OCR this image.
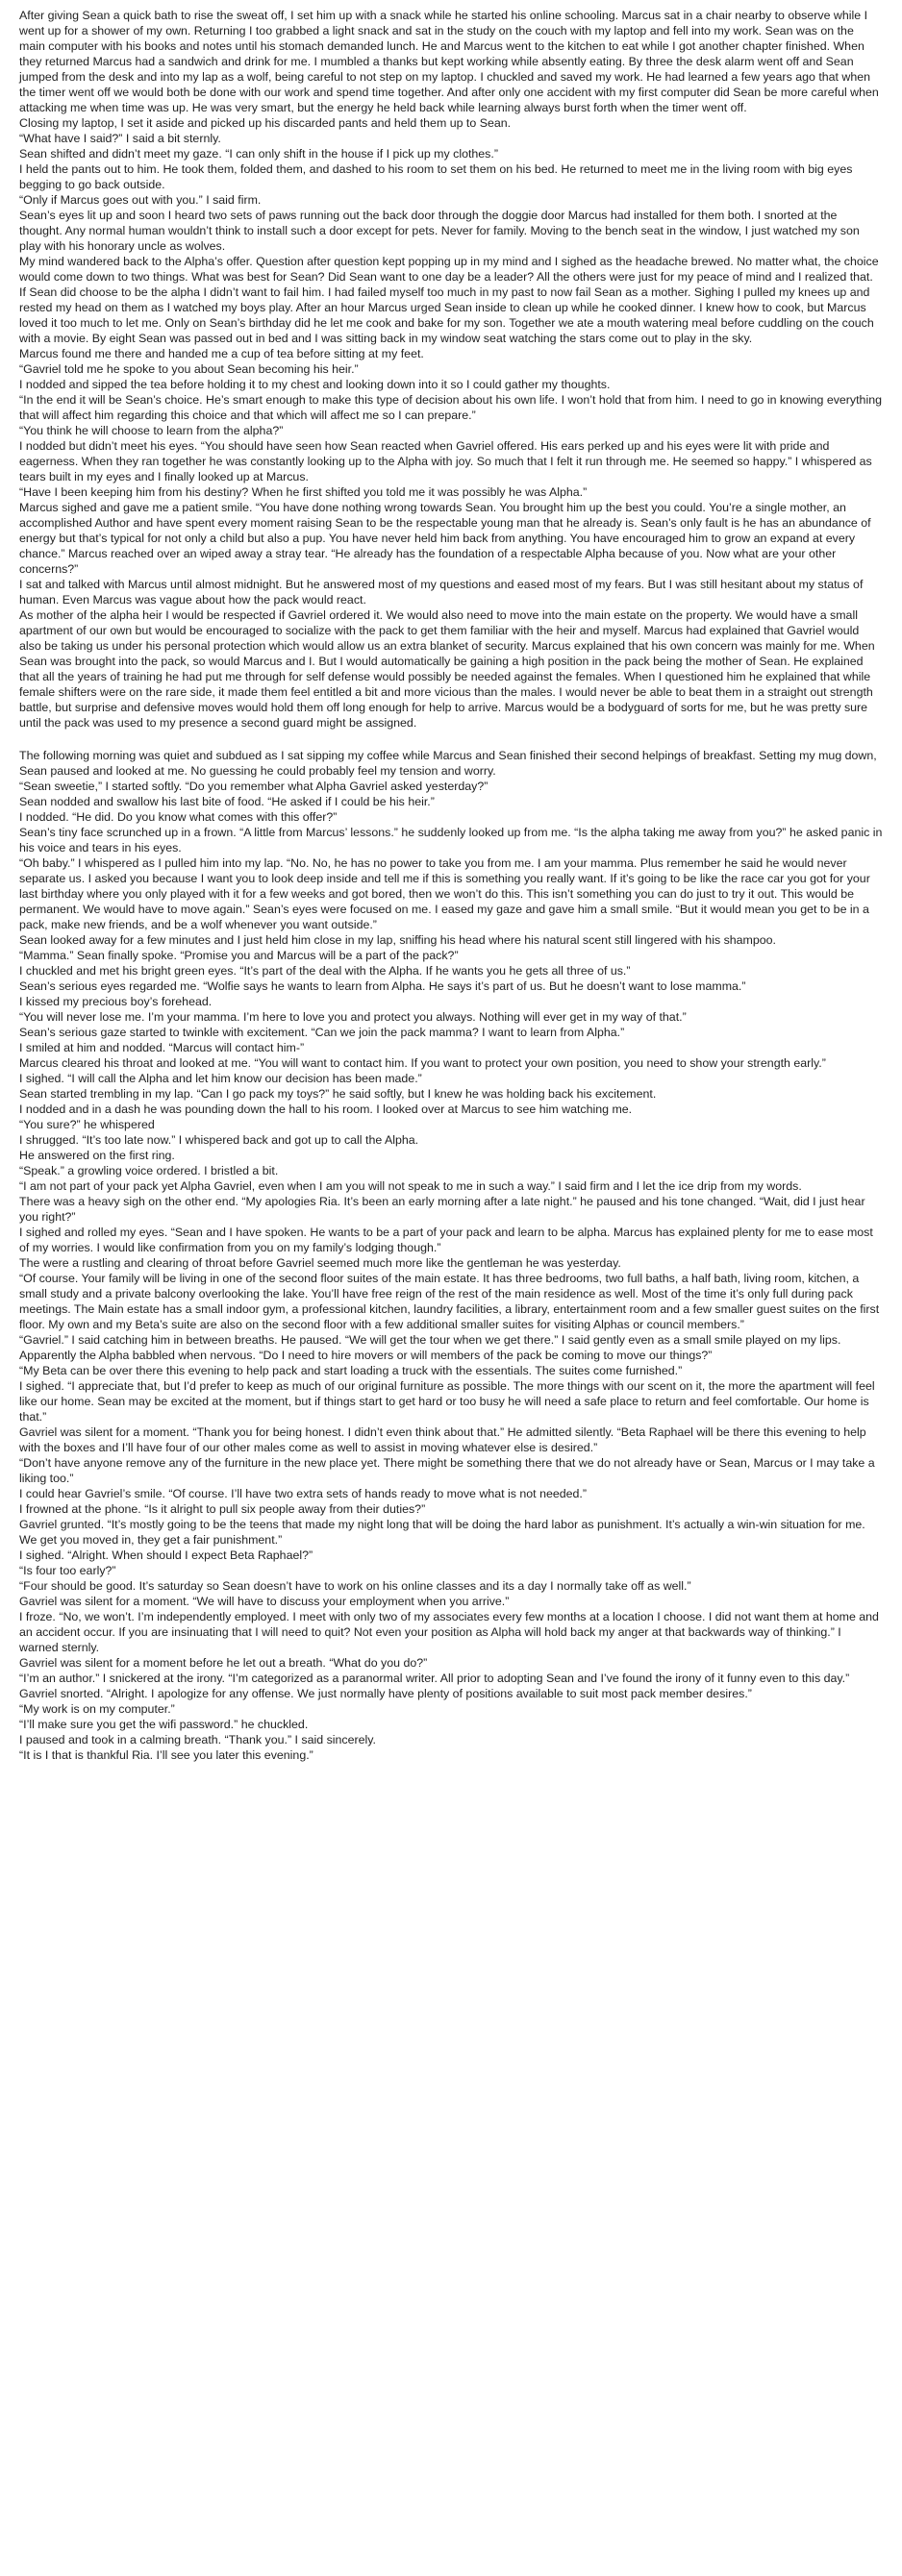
After giving Sean a quick bath to rise the sweat off, I set him up with a snack while he started his online schooling. Marcus sat in a chair nearby to observe while I went up for a shower of my own. Returning I too grabbed a light snack and sat in the study on the couch with my laptop and fell into my work. Sean was on the main computer with his books and notes until his stomach demanded lunch. He and Marcus went to the kitchen to eat while I got another chapter finished. When they returned Marcus had a sandwich and drink for me. I mumbled a thanks but kept working while absently eating. By three the desk alarm went off and Sean jumped from the desk and into my lap as a wolf, being careful to not step on my laptop. I chuckled and saved my work. He had learned a few years ago that when the timer went off we would both be done with our work and spend time together. And after only one accident with my first computer did Sean be more careful when attacking me when time was up. He was very smart, but the energy he held back while learning always burst forth when the timer went off.

Closing my laptop, I set it aside and picked up his discarded pants and held them up to Sean.

“What have I said?” I said a bit sternly.

Sean shifted and didn’t meet my gaze. “I can only shift in the house if I pick up my clothes.”

I held the pants out to him. He took them, folded them, and dashed to his room to set them on his bed. He returned to meet me in the living room with big eyes begging to go back outside.

“Only if Marcus goes out with you.” I said firm.

Sean’s eyes lit up and soon I heard two sets of paws running out the back door through the doggie door Marcus had installed for them both. I snorted at the thought. Any normal human wouldn’t think to install such a door except for pets. Never for family. Moving to the bench seat in the window, I just watched my son play with his honorary uncle as wolves.

My mind wandered back to the Alpha’s offer. Question after question kept popping up in my mind and I sighed as the headache brewed. No matter what, the choice would come down to two things. What was best for Sean? Did Sean want to one day be a leader? All the others were just for my peace of mind and I realized that. If Sean did choose to be the alpha I didn’t want to fail him. I had failed myself too much in my past to now fail Sean as a mother. Sighing I pulled my knees up and rested my head on them as I watched my boys play. After an hour Marcus urged Sean inside to clean up while he cooked dinner. I knew how to cook, but Marcus loved it too much to let me. Only on Sean’s birthday did he let me cook and bake for my son. Together we ate a mouth watering meal before cuddling on the couch with a movie. By eight Sean was passed out in bed and I was sitting back in my window seat watching the stars come out to play in the sky.

Marcus found me there and handed me a cup of tea before sitting at my feet.

“Gavriel told me he spoke to you about Sean becoming his heir.”

I nodded and sipped the tea before holding it to my chest and looking down into it so I could gather my thoughts.

“In the end it will be Sean’s choice. He’s smart enough to make this type of decision about his own life. I won’t hold that from him. I need to go in knowing everything that will affect him regarding this choice and that which will affect me so I can prepare.”

“You think he will choose to learn from the alpha?”

I nodded but didn’t meet his eyes. “You should have seen how Sean reacted when Gavriel offered. His ears perked up and his eyes were lit with pride and eagerness. When they ran together he was constantly looking up to the Alpha with joy. So much that I felt it run through me. He seemed so happy.” I whispered as tears built in my eyes and I finally looked up at Marcus.

“Have I been keeping him from his destiny? When he first shifted you told me it was possibly he was Alpha.”

Marcus sighed and gave me a patient smile. “You have done nothing wrong towards Sean. You brought him up the best you could. You’re a single mother, an accomplished Author and have spent every moment raising Sean to be the respectable young man that he already is. Sean’s only fault is he has an abundance of energy but that’s typical for not only a child but also a pup. You have never held him back from anything. You have encouraged him to grow an expand at every chance.” Marcus reached over an wiped away a stray tear. “He already has the foundation of a respectable Alpha because of you. Now what are your other concerns?”

I sat and talked with Marcus until almost midnight. But he answered most of my questions and eased most of my fears. But I was still hesitant about my status of human. Even Marcus was vague about how the pack would react.

As mother of the alpha heir I would be respected if Gavriel ordered it. We would also need to move into the main estate on the property. We would have a small apartment of our own but would be encouraged to socialize with the pack to get them familiar with the heir and myself. Marcus had explained that Gavriel would also be taking us under his personal protection which would allow us an extra blanket of security. Marcus explained that his own concern was mainly for me. When Sean was brought into the pack, so would Marcus and I. But I would automatically be gaining a high position in the pack being the mother of Sean. He explained that all the years of training he had put me through for self defense would possibly be needed against the females. When I questioned him he explained that while female shifters were on the rare side, it made them feel entitled a bit and more vicious than the males. I would never be able to beat them in a straight out strength battle, but surprise and defensive moves would hold them off long enough for help to arrive. Marcus would be a bodyguard of sorts for me, but he was pretty sure until the pack was used to my presence a second guard might be assigned.

The following morning was quiet and subdued as I sat sipping my coffee while Marcus and Sean finished their second helpings of breakfast. Setting my mug down, Sean paused and looked at me. No guessing he could probably feel my tension and worry.

“Sean sweetie,” I started softly. “Do you remember what Alpha Gavriel asked yesterday?”

Sean nodded and swallow his last bite of food. “He asked if I could be his heir.”

I nodded. “He did. Do you know what comes with this offer?”

Sean’s tiny face scrunched up in a frown. “A little from Marcus’ lessons.” he suddenly looked up from me. “Is the alpha taking me away from you?” he asked panic in his voice and tears in his eyes.

“Oh baby.” I whispered as I pulled him into my lap. “No. No, he has no power to take you from me. I am your mamma. Plus remember he said he would never separate us. I asked you because I want you to look deep inside and tell me if this is something you really want. If it’s going to be like the race car you got for your last birthday where you only played with it for a few weeks and got bored, then we won’t do this. This isn’t something you can do just to try it out. This would be permanent. We would have to move again.” Sean’s eyes were focused on me. I eased my gaze and gave him a small smile. “But it would mean you get to be in a pack, make new friends, and be a wolf whenever you want outside.”

Sean looked away for a few minutes and I just held him close in my lap, sniffing his head where his natural scent still lingered with his shampoo.

“Mamma.” Sean finally spoke. “Promise you and Marcus will be a part of the pack?”

I chuckled and met his bright green eyes. “It’s part of the deal with the Alpha. If he wants you he gets all three of us.”

Sean’s serious eyes regarded me. “Wolfie says he wants to learn from Alpha. He says it’s part of us. But he doesn’t want to lose mamma.”

I kissed my precious boy’s forehead.

“You will never lose me. I’m your mamma. I’m here to love you and protect you always. Nothing will ever get in my way of that.”

Sean’s serious gaze started to twinkle with excitement. “Can we join the pack mamma? I want to learn from Alpha.”

I smiled at him and nodded. “Marcus will contact him-”

Marcus cleared his throat and looked at me. “You will want to contact him. If you want to protect your own position, you need to show your strength early.”

I sighed. “I will call the Alpha and let him know our decision has been made.”

Sean started trembling in my lap. “Can I go pack my toys?” he said softly, but I knew he was holding back his excitement.

I nodded and in a dash he was pounding down the hall to his room. I looked over at Marcus to see him watching me.

“You sure?” he whispered

I shrugged. “It’s too late now.” I whispered back and got up to call the Alpha.

He answered on the first ring.

“Speak.” a growling voice ordered. I bristled a bit.

“I am not part of your pack yet Alpha Gavriel, even when I am you will not speak to me in such a way.” I said firm and I let the ice drip from my words.

There was a heavy sigh on the other end. “My apologies Ria. It’s been an early morning after a late night.” he paused and his tone changed. “Wait, did I just hear you right?”

I sighed and rolled my eyes. “Sean and I have spoken. He wants to be a part of your pack and learn to be alpha. Marcus has explained plenty for me to ease most of my worries. I would like confirmation from you on my family’s lodging though.”

The were a rustling and clearing of throat before Gavriel seemed much more like the gentleman he was yesterday.

“Of course. Your family will be living in one of the second floor suites of the main estate. It has three bedrooms, two full baths, a half bath, living room, kitchen, a small study and a private balcony overlooking the lake. You’ll have free reign of the rest of the main residence as well. Most of the time it’s only full during pack meetings. The Main estate has a small indoor gym, a professional kitchen, laundry facilities, a library, entertainment room and a few smaller guest suites on the first floor. My own and my Beta’s suite are also on the second floor with a few additional smaller suites for visiting Alphas or council members.”

“Gavriel.” I said catching him in between breaths. He paused. “We will get the tour when we get there.” I said gently even as a small smile played on my lips. Apparently the Alpha babbled when nervous. “Do I need to hire movers or will members of the pack be coming to move our things?”

“My Beta can be over there this evening to help pack and start loading a truck with the essentials. The suites come furnished.”

I sighed. “I appreciate that, but I’d prefer to keep as much of our original furniture as possible. The more things with our scent on it, the more the apartment will feel like our home. Sean may be excited at the moment, but if things start to get hard or too busy he will need a safe place to return and feel comfortable. Our home is that.”

Gavriel was silent for a moment. “Thank you for being honest. I didn’t even think about that.” He admitted silently. “Beta Raphael will be there this evening to help with the boxes and I’ll have four of our other males come as well to assist in moving whatever else is desired.”

“Don’t have anyone remove any of the furniture in the new place yet. There might be something there that we do not already have or Sean, Marcus or I may take a liking too.”

I could hear Gavriel’s smile. “Of course. I’ll have two extra sets of hands ready to move what is not needed.”

I frowned at the phone. “Is it alright to pull six people away from their duties?”

Gavriel grunted. “It’s mostly going to be the teens that made my night long that will be doing the hard labor as punishment. It’s actually a win-win situation for me. We get you moved in, they get a fair punishment.”

I sighed. “Alright. When should I expect Beta Raphael?”

“Is four too early?”

“Four should be good. It’s saturday so Sean doesn’t have to work on his online classes and its a day I normally take off as well.”

Gavriel was silent for a moment. “We will have to discuss your employment when you arrive.”

I froze. “No, we won’t. I’m independently employed. I meet with only two of my associates every few months at a location I choose. I did not want them at home and an accident occur. If you are insinuating that I will need to quit? Not even your position as Alpha will hold back my anger at that backwards way of thinking.” I warned sternly.

Gavriel was silent for a moment before he let out a breath. “What do you do?”

“I’m an author.” I snickered at the irony. “I’m categorized as a paranormal writer. All prior to adopting Sean and I’ve found the irony of it funny even to this day.”

Gavriel snorted. “Alright. I apologize for any offense. We just normally have plenty of positions available to suit most pack member desires.”

“My work is on my computer.”

“I’ll make sure you get the wifi password.” he chuckled.

I paused and took in a calming breath. “Thank you.” I said sincerely.

“It is I that is thankful Ria. I’ll see you later this evening.”
